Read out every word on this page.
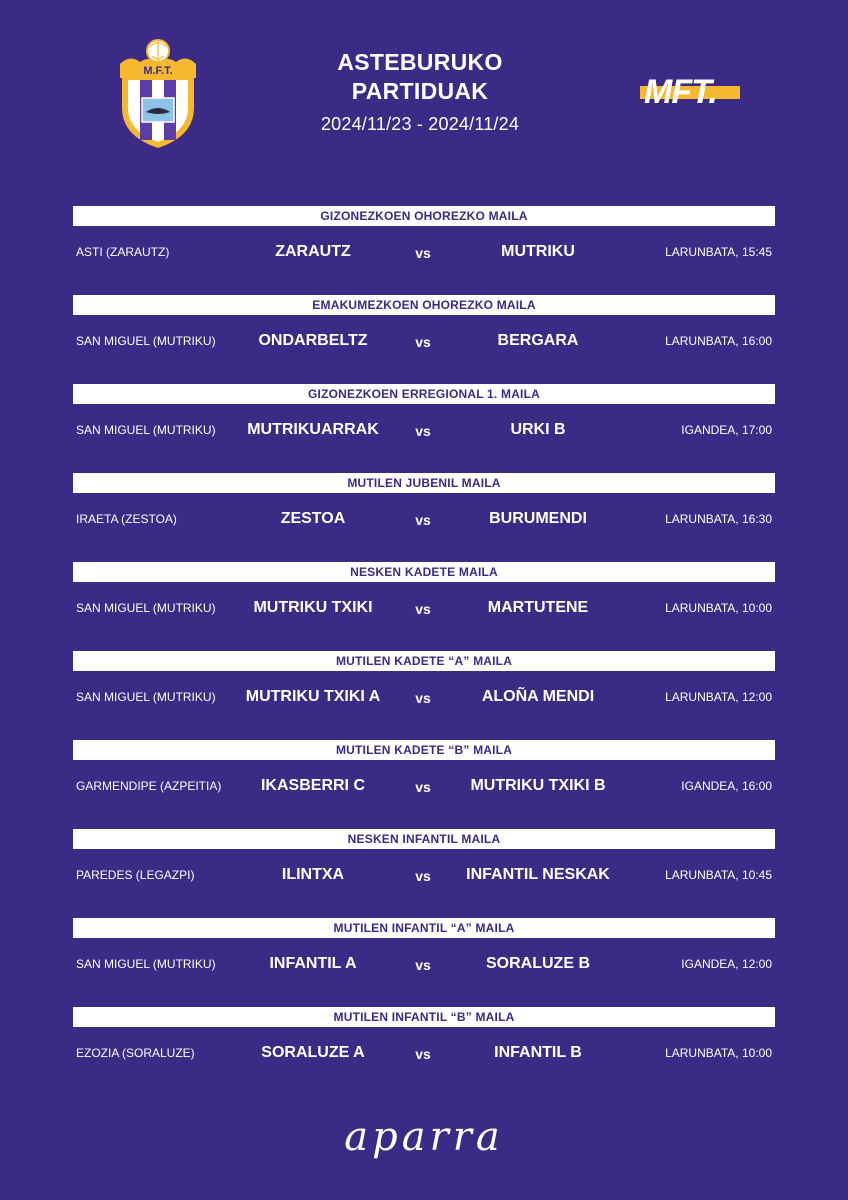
M.F.T.	ASTEBURUKO
PARTIDUAK
2024/11/23 - 2024/11/24
MFT.
GIZONEZKOEN OHOREZKO MAILA
ASTI (ZARAUTZ)	ZARAUTZ	vs	MUTRIKU	LARUNBATA, 15:45
EMAKUMEZKOEN OHOREZKO MAILA
SAN MIGUEL (MUTRIKU)	ONDARBELTZ	vs	BERGARA	LARUNBATA, 16:00
GIZONEZKOEN ERREGIONAL 1. MAILA
SAN MIGUEL (MUTRIKU)	MUTRIKUARRAK	vs	URKI B	IGANDEA, 17:00
MUTILEN JUBENIL MAILA
IRAETA (ZESTOA)	ZESTOA	vs	BURUMENDI	LARUNBATA, 16:30
NESKEN KADETE MAILA
SAN MIGUEL (MUTRIKU)	MUTRIKU TXIKI	vs	MARTUTENE	LARUNBATA, 10:00
MUTILEN KADETE “A” MAILA
SAN MIGUEL (MUTRIKU)	MUTRIKU TXIKI A	vs	ALOÑA MENDI	LARUNBATA, 12:00
MUTILEN KADETE “B” MAILA
GARMENDIPE (AZPEITIA)	IKASBERRI C	vs	MUTRIKU TXIKI B	IGANDEA, 16:00
NESKEN INFANTIL MAILA
PAREDES (LEGAZPI)	ILINTXA	vs	INFANTIL NESKAK	LARUNBATA, 10:45
MUTILEN INFANTIL “A” MAILA
SAN MIGUEL (MUTRIKU)	INFANTIL A	vs	SORALUZE B	IGANDEA, 12:00
MUTILEN INFANTIL “B” MAILA
EZOZIA (SORALUZE)	SORALUZE A	vs	INFANTIL B	LARUNBATA, 10:00
aparra
